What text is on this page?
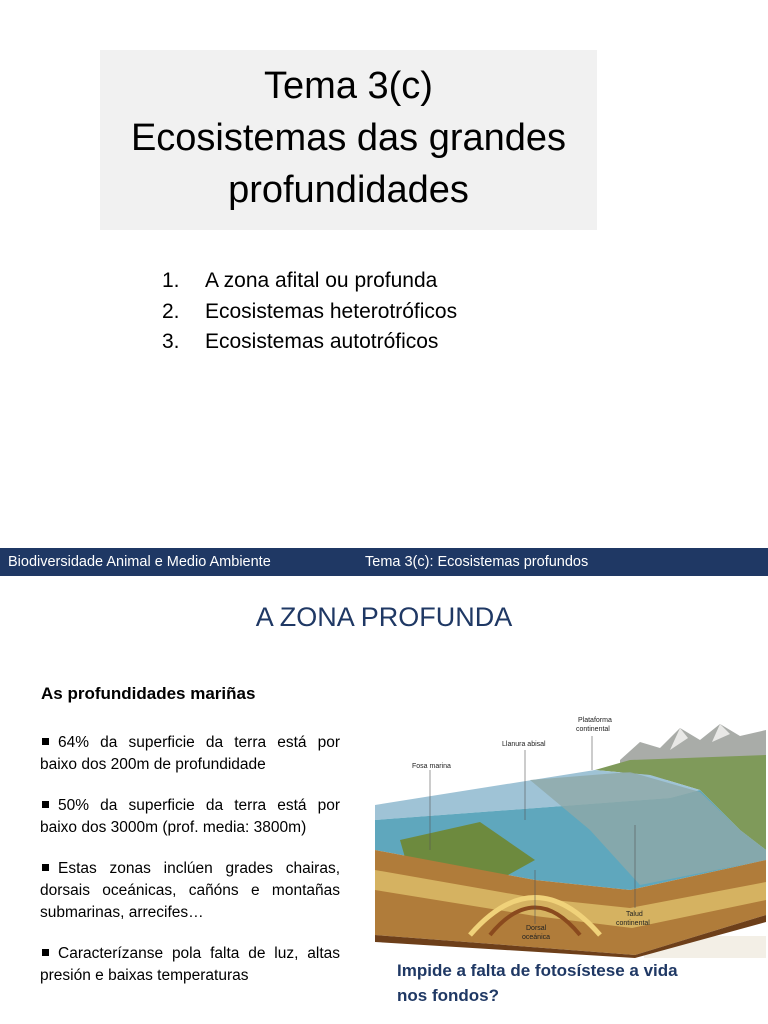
Tema 3(c)
Ecosistemas das grandes
profundidades
1.	A zona afital ou profunda
2.	Ecosistemas heterotróficos
3.	Ecosistemas autotróficos
Biodiversidade Animal e Medio Ambiente	Tema 3(c): Ecosistemas profundos
A ZONA PROFUNDA
As profundidades mariñas
64% da superficie da terra está por baixo dos 200m de profundidade
50% da superficie da terra está por baixo dos 3000m (prof. media: 3800m)
Estas zonas inclúen grades chairas, dorsais oceánicas, cañóns e montañas submarinas, arrecifes…
Caracterízanse pola falta de luz, altas presión e baixas temperaturas
Plataforma
continental
Llanura abisal
Fosa marina
Dorsal
oceánica
Talud
continental
Impide a falta de fotosístese a vida nos fondos?
